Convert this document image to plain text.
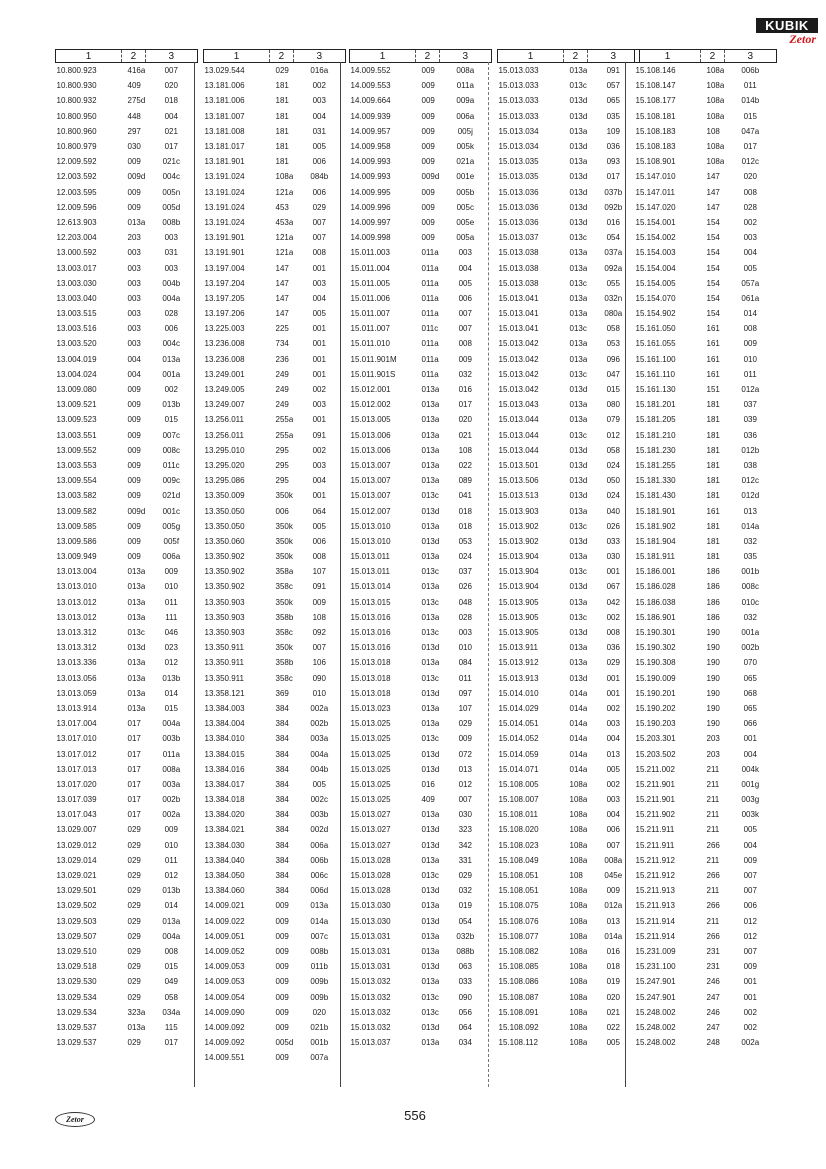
KUBIK
Zetor
1	2	3
10.800.923	416a	007
10.800.930	409	020
10.800.932	275d	018
10.800.950	448	004
10.800.960	297	021
10.800.979	030	017
12.009.592	009	021c
12.003.592	009d	004c
12.003.595	009	005n
12.009.596	009	005d
12.613.903	013a	008b
12.203.004	203	003
13.000.592	003	031
13.003.017	003	003
13.003.030	003	004b
13.003.040	003	004a
13.003.515	003	028
13.003.516	003	006
13.003.520	003	004c
13.004.019	004	013a
13.004.024	004	001a
13.009.080	009	002
13.009.521	009	013b
13.009.523	009	015
13.003.551	009	007c
13.009.552	009	008c
13.003.553	009	011c
13.009.554	009	009c
13.003.582	009	021d
13.009.582	009d	001c
13.009.585	009	005g
13.009.586	009	005f
13.009.949	009	006a
13.013.004	013a	009
13.013.010	013a	010
13.013.012	013a	011
13.013.012	013a	111
13.013.312	013c	046
13.013.312	013d	023
13.013.336	013a	012
13.013.056	013a	013b
13.013.059	013a	014
13.013.914	013a	015
13.017.004	017	004a
13.017.010	017	003b
13.017.012	017	011a
13.017.013	017	008a
13.017.020	017	003a
13.017.039	017	002b
13.017.043	017	002a
13.029.007	029	009
13.029.012	029	010
13.029.014	029	011
13.029.021	029	012
13.029.501	029	013b
13.029.502	029	014
13.029.503	029	013a
13.029.507	029	004a
13.029.510	029	008
13.029.518	029	015
13.029.530	029	049
13.029.534	029	058
13.029.534	323a	034a
13.029.537	013a	115
13.029.537	029	017
1	2	3
13.029.544	029	016a
13.181.006	181	002
13.181.006	181	003
13.181.007	181	004
13.181.008	181	031
13.181.017	181	005
13.181.901	181	006
13.191.024	108a	084b
13.191.024	121a	006
13.191.024	453	029
13.191.024	453a	007
13.191.901	121a	007
13.191.901	121a	008
13.197.004	147	001
13.197.204	147	003
13.197.205	147	004
13.197.206	147	005
13.225.003	225	001
13.236.008	734	001
13.236.008	236	001
13.249.001	249	001
13.249.005	249	002
13.249.007	249	003
13.256.011	255a	001
13.256.011	255a	091
13.295.010	295	002
13.295.020	295	003
13.295.086	295	004
13.350.009	350k	001
13.350.050	006	064
13.350.050	350k	005
13.350.060	350k	006
13.350.902	350k	008
13.350.902	358a	107
13.350.902	358c	091
13.350.903	350k	009
13.350.903	358b	108
13.350.903	358c	092
13.350.911	350k	007
13.350.911	358b	106
13.350.911	358c	090
13.358.121	369	010
13.384.003	384	002a
13.384.004	384	002b
13.384.010	384	003a
13.384.015	384	004a
13.384.016	384	004b
13.384.017	384	005
13.384.018	384	002c
13.384.020	384	003b
13.384.021	384	002d
13.384.030	384	006a
13.384.040	384	006b
13.384.050	384	006c
13.384.060	384	006d
14.009.021	009	013a
14.009.022	009	014a
14.009.051	009	007c
14.009.052	009	008b
14.009.053	009	011b
14.009.053	009	009b
14.009.054	009	009b
14.009.090	009	020
14.009.092	009	021b
14.009.092	005d	001b
14.009.551	009	007a
1	2	3
14.009.552	009	008a
14.009.553	009	011a
14.009.664	009	009a
14.009.939	009	006a
14.009.957	009	005j
14.009.958	009	005k
14.009.993	009	021a
14.009.993	009d	001e
14.009.995	009	005b
14.009.996	009	005c
14.009.997	009	005e
14.009.998	009	005a
15.011.003	011a	003
15.011.004	011a	004
15.011.005	011a	005
15.011.006	011a	006
15.011.007	011a	007
15.011.007	011c	007
15.011.010	011a	008
15.011.901M	011a	009
15.011.901S	011a	032
15.012.001	013a	016
15.012.002	013a	017
15.013.005	013a	020
15.013.006	013a	021
15.013.006	013a	108
15.013.007	013a	022
15.013.007	013a	089
15.013.007	013c	041
15.012.007	013d	018
15.013.010	013a	018
15.013.010	013d	053
15.013.011	013a	024
15.013.011	013c	037
15.013.014	013a	026
15.013.015	013c	048
15.013.016	013a	028
15.013.016	013c	003
15.013.016	013d	010
15.013.018	013a	084
15.013.018	013c	011
15.013.018	013d	097
15.013.023	013a	107
15.013.025	013a	029
15.013.025	013c	009
15.013.025	013d	072
15.013.025	013d	013
15.013.025	016	012
15.013.025	409	007
15.013.027	013a	030
15.013.027	013d	323
15.013.027	013d	342
15.013.028	013a	331
15.013.028	013c	029
15.013.028	013d	032
15.013.030	013a	019
15.013.030	013d	054
15.013.031	013a	032b
15.013.031	013a	088b
15.013.031	013d	063
15.013.032	013a	033
15.013.032	013c	090
15.013.032	013c	056
15.013.032	013d	064
15.013.037	013a	034
1	2	3
15.013.033	013a	091
15.013.033	013c	057
15.013.033	013d	065
15.013.033	013d	035
15.013.034	013a	109
15.013.034	013d	036
15.013.035	013a	093
15.013.035	013d	017
15.013.036	013d	037b
15.013.036	013d	092b
15.013.036	013d	016
15.013.037	013c	054
15.013.038	013a	037a
15.013.038	013a	092a
15.013.038	013c	055
15.013.041	013a	032n
15.013.041	013a	080a
15.013.041	013c	058
15.013.042	013a	053
15.013.042	013a	096
15.013.042	013c	047
15.013.042	013d	015
15.013.043	013a	080
15.013.044	013a	079
15.013.044	013c	012
15.013.044	013d	058
15.013.501	013d	024
15.013.506	013d	050
15.013.513	013d	024
15.013.903	013a	040
15.013.902	013c	026
15.013.902	013d	033
15.013.904	013a	030
15.013.904	013c	001
15.013.904	013d	067
15.013.905	013a	042
15.013.905	013c	002
15.013.905	013d	008
15.013.911	013a	036
15.013.912	013a	029
15.013.913	013d	001
15.014.010	014a	001
15.014.029	014a	002
15.014.051	014a	003
15.014.052	014a	004
15.014.059	014a	013
15.014.071	014a	005
15.108.005	108a	002
15.108.007	108a	003
15.108.011	108a	004
15.108.020	108a	006
15.108.023	108a	007
15.108.049	108a	008a
15.108.051	108	045e
15.108.051	108a	009
15.108.075	108a	012a
15.108.076	108a	013
15.108.077	108a	014a
15.108.082	108a	016
15.108.085	108a	018
15.108.086	108a	019
15.108.087	108a	020
15.108.091	108a	021
15.108.092	108a	022
15.108.112	108a	005
1	2	3
15.108.146	108a	006b
15.108.147	108a	011
15.108.177	108a	014b
15.108.181	108a	015
15.108.183	108	047a
15.108.183	108a	017
15.108.901	108a	012c
15.147.010	147	020
15.147.011	147	008
15.147.020	147	028
15.154.001	154	002
15.154.002	154	003
15.154.003	154	004
15.154.004	154	005
15.154.005	154	057a
15.154.070	154	061a
15.154.902	154	014
15.161.050	161	008
15.161.055	161	009
15.161.100	161	010
15.161.110	161	011
15.161.130	151	012a
15.181.201	181	037
15.181.205	181	039
15.181.210	181	036
15.181.230	181	012b
15.181.255	181	038
15.181.330	181	012c
15.181.430	181	012d
15.181.901	161	013
15.181.902	181	014a
15.181.904	181	032
15.181.911	181	035
15.186.001	186	001b
15.186.028	186	008c
15.186.038	186	010c
15.186.901	186	032
15.190.301	190	001a
15.190.302	190	002b
15.190.308	190	070
15.190.009	190	065
15.190.201	190	068
15.190.202	190	065
15.190.203	190	066
15.203.301	203	001
15.203.502	203	004
15.211.002	211	004k
15.211.901	211	001g
15.211.901	211	003g
15.211.902	211	003k
15.211.911	211	005
15.211.911	266	004
15.211.912	211	009
15.211.912	266	007
15.211.913	211	007
15.211.913	266	006
15.211.914	211	012
15.211.914	266	012
15.231.009	231	007
15.231.100	231	009
15.247.901	246	001
15.247.901	247	001
15.248.002	246	002
15.248.002	247	002
15.248.002	248	002a
Zetor	556
